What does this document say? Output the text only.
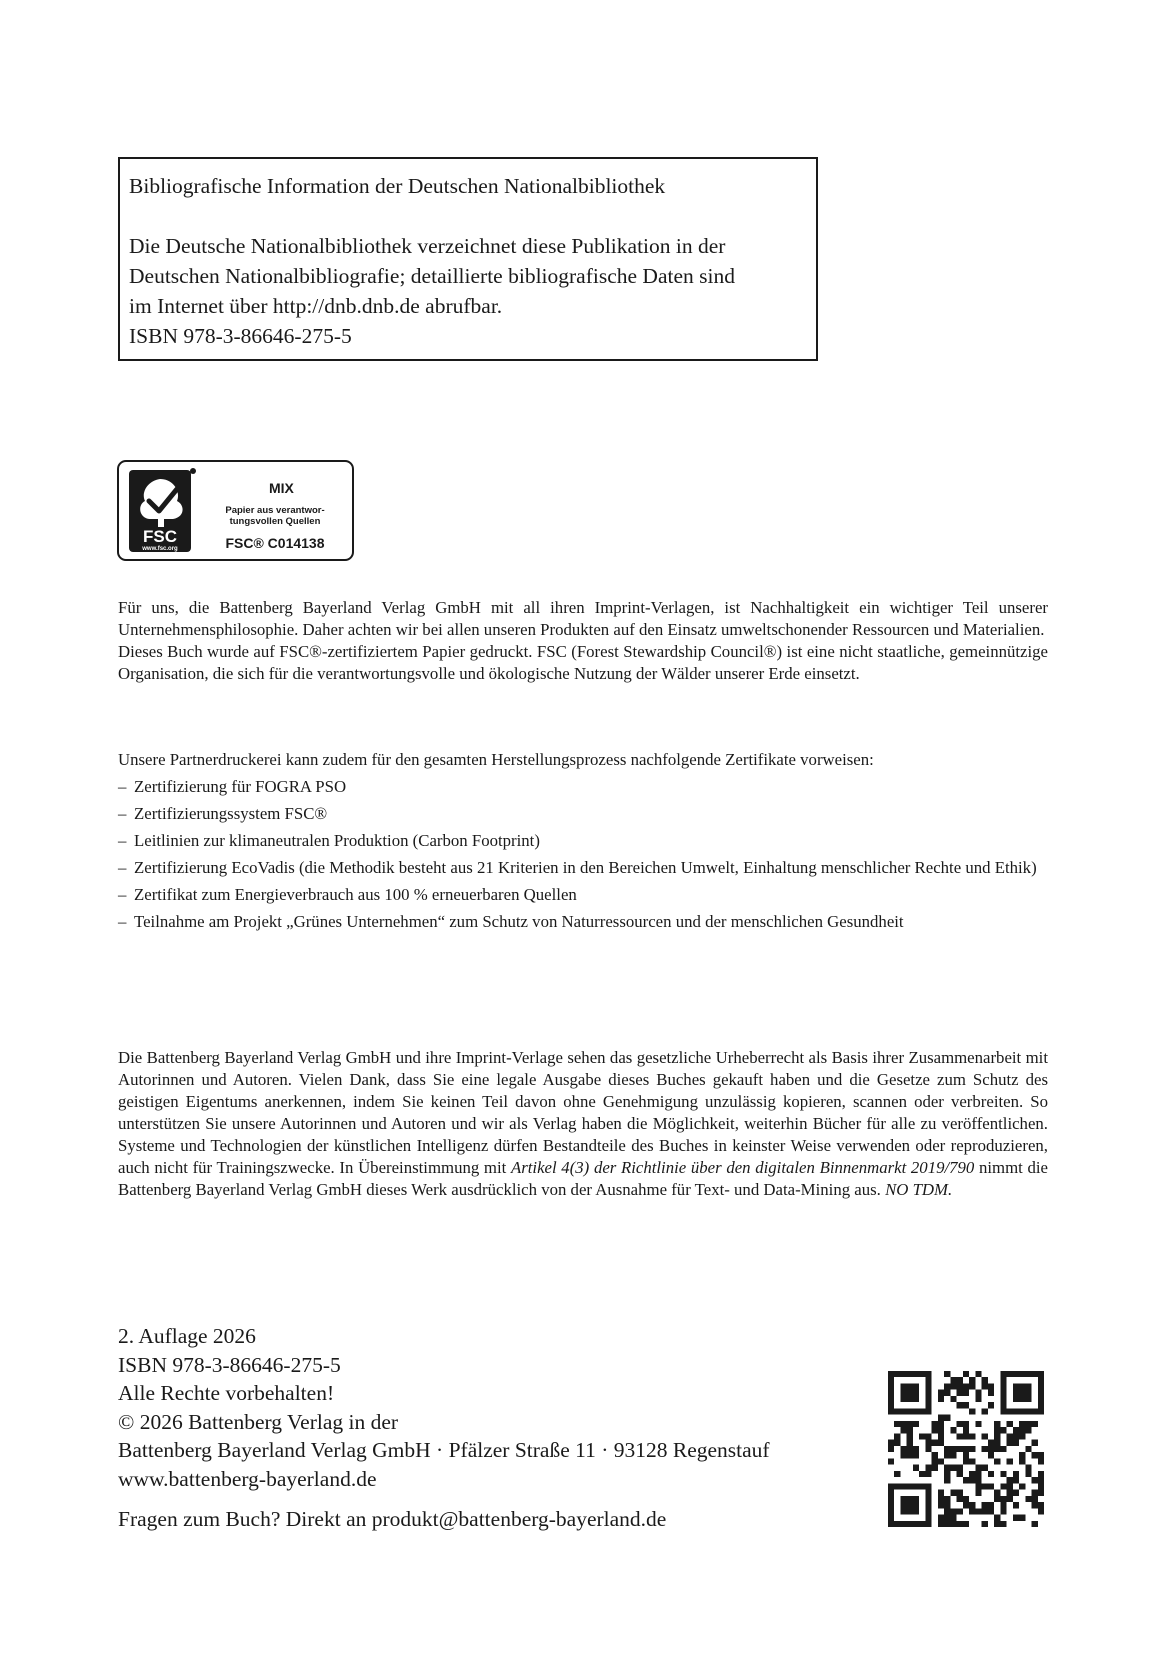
Bibliografische Information der Deutschen Nationalbibliothek

Die Deutsche Nationalbibliothek verzeichnet diese Publikation in der

Deutschen Nationalbibliografie; detaillierte bibliografische Daten sind

im Internet über http://dnb.dnb.de abrufbar.

ISBN 978-3-86646-275-5

FSC
www.fsc.org
MIX
Papier aus verantwor-
tungsvollen Quellen
FSC® C014138

Für uns, die Battenberg Bayerland Verlag GmbH mit all ihren Imprint-Verlagen, ist Nachhaltigkeit ein wichtiger Teil unserer Unternehmensphilosophie. Daher achten wir bei allen unseren Produkten auf den Einsatz umweltschonender Ressourcen und Materialien.

Dieses Buch wurde auf FSC®-zertifiziertem Papier gedruckt. FSC (Forest Stewardship Council®) ist eine nicht staatliche, gemeinnützige Organisation, die sich für die verantwortungsvolle und ökologische Nutzung der Wälder unserer Erde einsetzt.

Unsere Partnerdruckerei kann zudem für den gesamten Herstellungsprozess nachfolgende Zertifikate vorweisen:

– Zertifizierung für FOGRA PSO
– Zertifizierungssystem FSC®
– Leitlinien zur klimaneutralen Produktion (Carbon Footprint)
– Zertifizierung EcoVadis (die Methodik besteht aus 21 Kriterien in den Bereichen Umwelt, Einhaltung menschlicher Rechte und Ethik)
– Zertifikat zum Energieverbrauch aus 100 % erneuerbaren Quellen
– Teilnahme am Projekt „Grünes Unternehmen“ zum Schutz von Naturressourcen und der menschlichen Gesundheit

Die Battenberg Bayerland Verlag GmbH und ihre Imprint-Verlage sehen das gesetzliche Urheberrecht als Basis ihrer Zusammenarbeit mit Autorinnen und Autoren. Vielen Dank, dass Sie eine legale Ausgabe dieses Buches gekauft haben und die Gesetze zum Schutz des geistigen Eigentums anerkennen, indem Sie keinen Teil davon ohne Genehmigung unzulässig kopieren, scannen oder verbreiten. So unterstützen Sie unsere Autorinnen und Autoren und wir als Verlag haben die Möglichkeit, weiterhin Bücher für alle zu veröffentlichen. Systeme und Technologien der künstlichen Intelligenz dürfen Bestandteile des Buches in keinster Weise verwenden oder reproduzieren, auch nicht für Trainingszwecke. In Übereinstimmung mit Artikel 4(3) der Richtlinie über den digitalen Binnenmarkt 2019/790 nimmt die Battenberg Bayerland Verlag GmbH dieses Werk ausdrücklich von der Ausnahme für Text- und Data-Mining aus. NO TDM.

2. Auflage 2026

ISBN 978-3-86646-275-5

Alle Rechte vorbehalten!

© 2026 Battenberg Verlag in der

Battenberg Bayerland Verlag GmbH · Pfälzer Straße 11 · 93128 Regenstauf

www.battenberg-bayerland.de

Fragen zum Buch? Direkt an produkt@battenberg-bayerland.de
